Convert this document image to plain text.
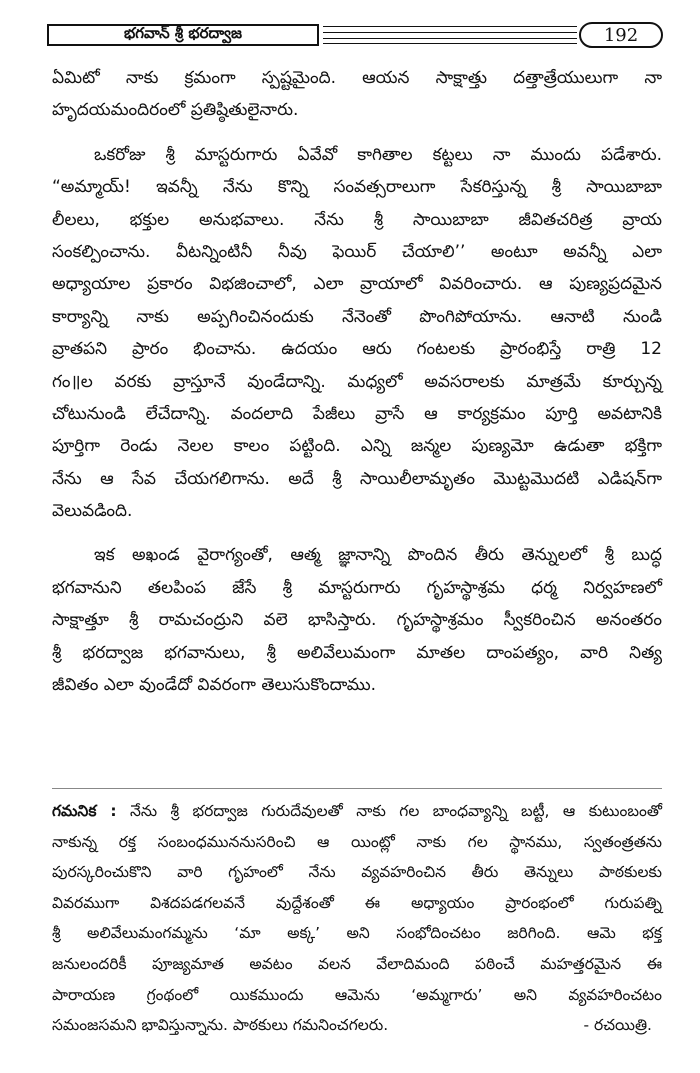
భగవాన్ శ్రీ భరద్వాజ	192
ఏమిటో నాకు క్రమంగా స్పష్టమైంది. ఆయన సాక్షాత్తు దత్తాత్రేయులుగా నా
హృదయమందిరంలో ప్రతిష్ఠితులైనారు.
ఒకరోజు శ్రీ మాస్టరుగారు ఏవేవో కాగితాల కట్టలు నా ముందు పడేశారు.
“అమ్మాయ్! ఇవన్నీ నేను కొన్ని సంవత్సరాలుగా సేకరిస్తున్న శ్రీ సాయిబాబా
లీలలు, భక్తుల అనుభవాలు. నేను శ్రీ సాయిబాబా జీవితచరిత్ర వ్రాయ
సంకల్పించాను. వీటన్నింటినీ నీవు ఫెయిర్ చేయాలి’’ అంటూ అవన్నీ ఎలా
అధ్యాయాల ప్రకారం విభజించాలో, ఎలా వ్రాయాలో వివరించారు. ఆ పుణ్యప్రదమైన
కార్యాన్ని నాకు అప్పగించినందుకు నేనెంతో పొంగిపోయాను. ఆనాటి నుండి
వ్రాతపని ప్రారం భించాను. ఉదయం ఆరు గంటలకు ప్రారంభిస్తే రాత్రి 12
గం॥ల వరకు వ్రాస్తూనే వుండేదాన్ని. మధ్యలో అవసరాలకు మాత్రమే కూర్చున్న
చోటునుండి లేచేదాన్ని. వందలాది పేజీలు వ్రాసే ఆ కార్యక్రమం పూర్తి అవటానికి
పూర్తిగా రెండు నెలల కాలం పట్టింది. ఎన్ని జన్మల పుణ్యమో ఉడుతా భక్తిగా
నేను ఆ సేవ చేయగలిగాను. అదే శ్రీ సాయిలీలామృతం మొట్టమొదటి ఎడిషన్‌గా
వెలువడింది.
ఇక అఖండ వైరాగ్యంతో, ఆత్మ జ్ఞానాన్ని పొందిన తీరు తెన్నులలో శ్రీ బుద్ధ
భగవానుని తలపింప జేసే శ్రీ మాస్టరుగారు గృహస్థాశ్రమ ధర్మ నిర్వహణలో
సాక్షాత్తూ శ్రీ రామచంద్రుని వలె భాసిస్తారు. గృహస్థాశ్రమం స్వీకరించిన అనంతరం
శ్రీ భరద్వాజ భగవానులు, శ్రీ అలివేలుమంగా మాతల దాంపత్యం, వారి నిత్య
జీవితం ఎలా వుండేదో వివరంగా తెలుసుకొందాము.
గమనిక : నేను శ్రీ భరద్వాజ గురుదేవులతో నాకు గల బాంధవ్యాన్ని బట్టీ, ఆ కుటుంబంతో
నాకున్న రక్త సంబంధముననుసరించి ఆ యింట్లో నాకు గల స్థానము, స్వతంత్రతను
పురస్కరించుకొని వారి గృహంలో నేను వ్యవహరించిన తీరు తెన్నులు పాఠకులకు
వివరముగా విశదపడగలవనే వుద్దేశంతో ఈ అధ్యాయం ప్రారంభంలో గురుపత్ని
శ్రీ అలివేలుమంగమ్మను ‘మా అక్క’ అని సంభోదించటం జరిగింది. ఆమె భక్త
జనులందరికీ పూజ్యమాత అవటం వలన వేలాదిమంది పఠించే మహత్తరమైన ఈ
పారాయణ గ్రంథంలో యికముందు ఆమెను ‘అమ్మగారు’ అని వ్యవహరించటం
సమంజసమని భావిస్తున్నాను. పాఠకులు గమనించగలరు.	- రచయిత్రి.
